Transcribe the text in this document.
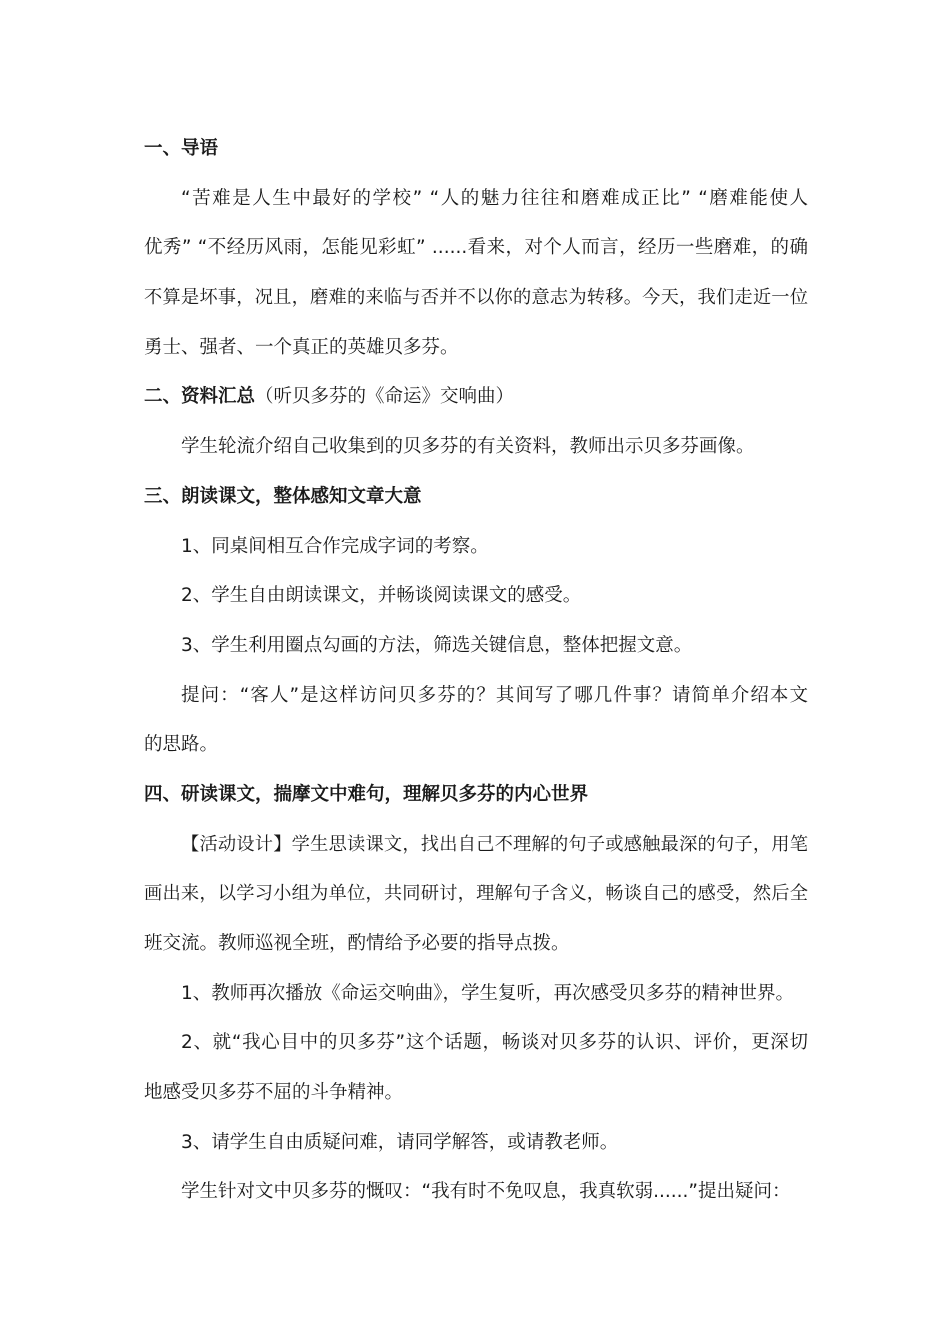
一、导语
“苦难是人生中最好的学校” “人的魅力往往和磨难成正比” “磨难能使人
优秀” “不经历风雨，怎能见彩虹” ......看来，对个人而言，经历一些磨难，的确
不算是坏事，况且，磨难的来临与否并不以你的意志为转移。今天，我们走近一位
勇士、强者、一个真正的英雄贝多芬。
二、资料汇总（听贝多芬的《命运》交响曲）
学生轮流介绍自己收集到的贝多芬的有关资料，教师出示贝多芬画像。
三、朗读课文，整体感知文章大意
1、同桌间相互合作完成字词的考察。
2、学生自由朗读课文，并畅谈阅读课文的感受。
3、学生利用圈点勾画的方法，筛选关键信息，整体把握文意。
提问：“客人”是这样访问贝多芬的？其间写了哪几件事？请简单介绍本文
的思路。
四、研读课文，揣摩文中难句，理解贝多芬的内心世界
【活动设计】学生思读课文，找出自己不理解的句子或感触最深的句子，用笔
画出来，以学习小组为单位，共同研讨，理解句子含义，畅谈自己的感受，然后全
班交流。教师巡视全班，酌情给予必要的指导点拨。
1、教师再次播放《命运交响曲》，学生复听，再次感受贝多芬的精神世界。
2、就“我心目中的贝多芬”这个话题，畅谈对贝多芬的认识、评价，更深切
地感受贝多芬不屈的斗争精神。
3、请学生自由质疑问难，请同学解答，或请教老师。
学生针对文中贝多芬的慨叹：“我有时不免叹息，我真软弱......”提出疑问：
